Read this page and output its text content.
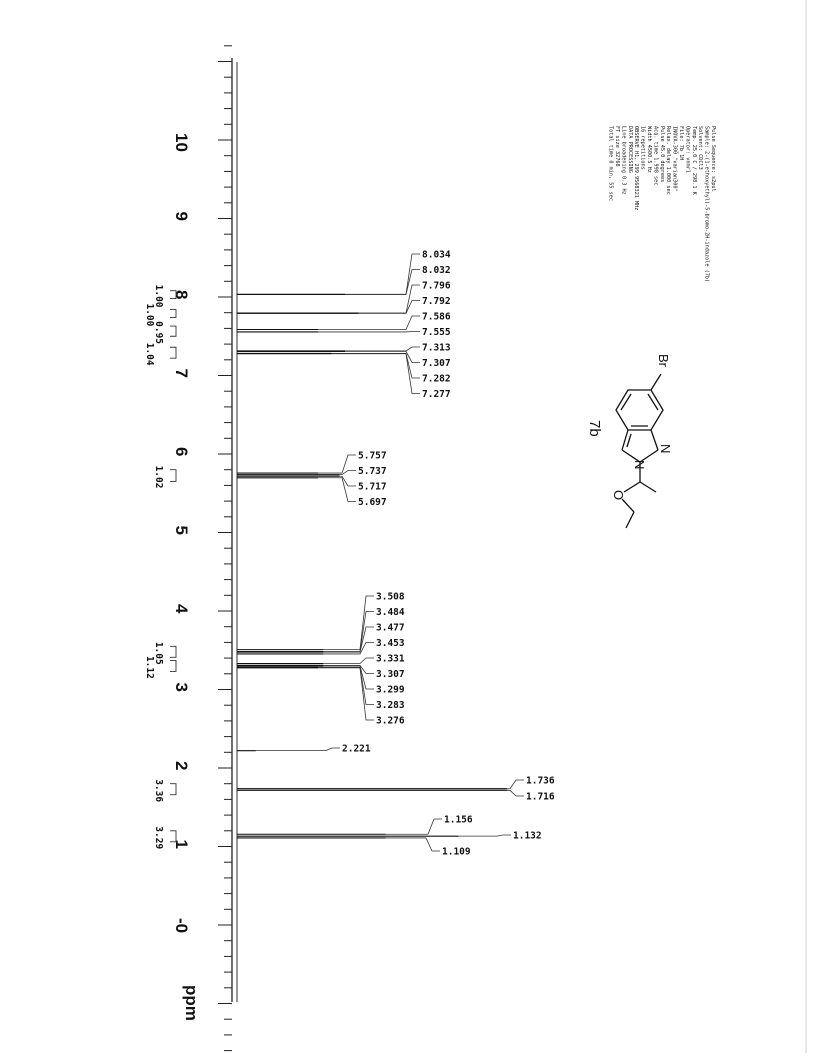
10
9
8
7
6
5
4
3
2
1
-0
ppm
8.034
8.032
7.796
7.792
7.586
7.555
7.313
7.307
7.282
7.277
5.757
5.737
5.717
5.697
3.508
3.484
3.477
3.453
3.331
3.307
3.299
3.283
3.276
2.221
1.736
1.716
1.156
1.132
1.109
1.00
1.00
0.95
1.04
1.02
1.05
1.12
3.36
3.29
Pulse Sequence: s2pul
Sample: 2-(1-ethoxyethyl)-5-bromo-2H-indazole (7b)
Solvent: CDCl3
Temp. 25.0 C / 298.1 K
Operator: vnmr1
File: 7b_1H
INOVA-300 "varian300"
Relax. delay 1.000 sec
Pulse 45.0 degrees
Acq. time 1.998 sec
Width 4500.5 Hz
16 repetitions
OBSERVE H1, 299.9568321 MHz
DATA PROCESSING
Line broadening 0.3 Hz
FT size 32768
Total time 0 min, 55 sec
Br
N
N
O
7b
